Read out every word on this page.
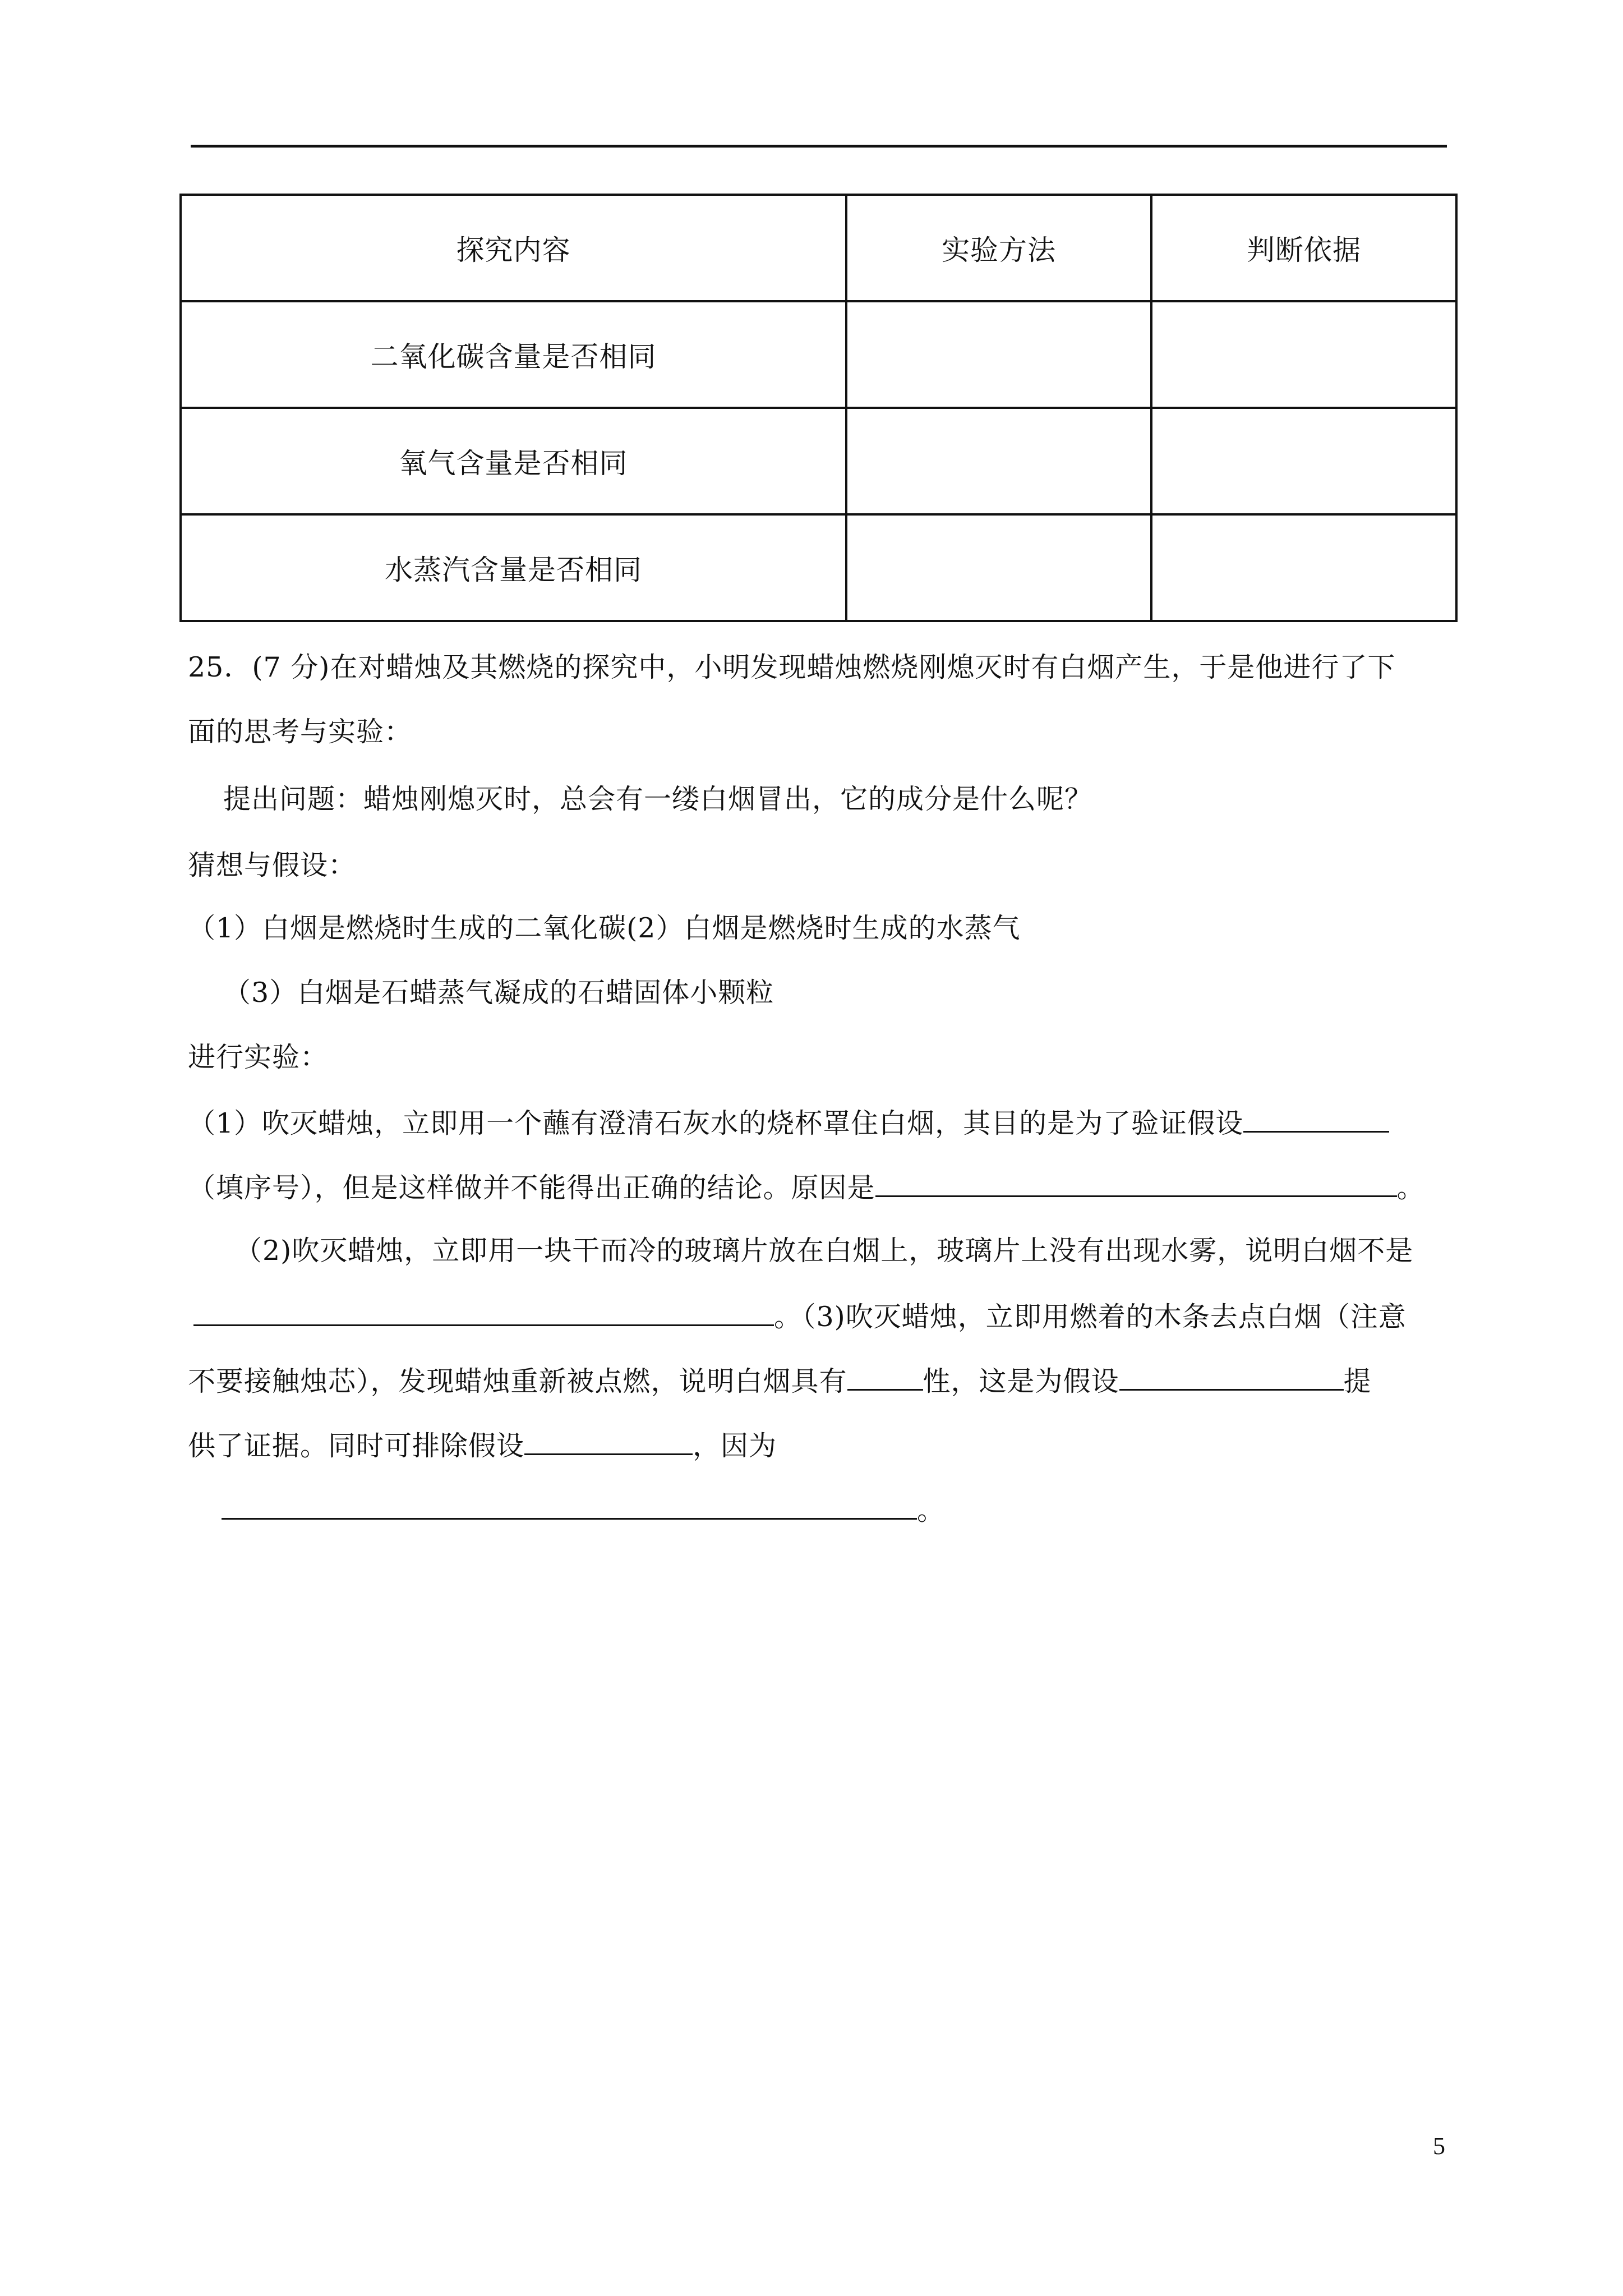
探究内容	实验方法	判断依据
二氧化碳含量是否相同		
氧气含量是否相同		
水蒸汽含量是否相同		
25．(7 分)在对蜡烛及其燃烧的探究中，小明发现蜡烛燃烧刚熄灭时有白烟产生，于是他进行了下
面的思考与实验：
提出问题：蜡烛刚熄灭时，总会有一缕白烟冒出，它的成分是什么呢？
猜想与假设：
（1）白烟是燃烧时生成的二氧化碳(2）白烟是燃烧时生成的水蒸气
（3）白烟是石蜡蒸气凝成的石蜡固体小颗粒
进行实验：
（1）吹灭蜡烛，立即用一个蘸有澄清石灰水的烧杯罩住白烟，其目的是为了验证假设
（填序号），但是这样做并不能得出正确的结论。原因是	。
（2)吹灭蜡烛，立即用一块干而冷的玻璃片放在白烟上，玻璃片上没有出现水雾，说明白烟不是
。（3)吹灭蜡烛，立即用燃着的木条去点白烟（注意
不要接触烛芯），发现蜡烛重新被点燃，说明白烟具有	性，这是为假设	提
供了证据。同时可排除假设	，因为
。
5
